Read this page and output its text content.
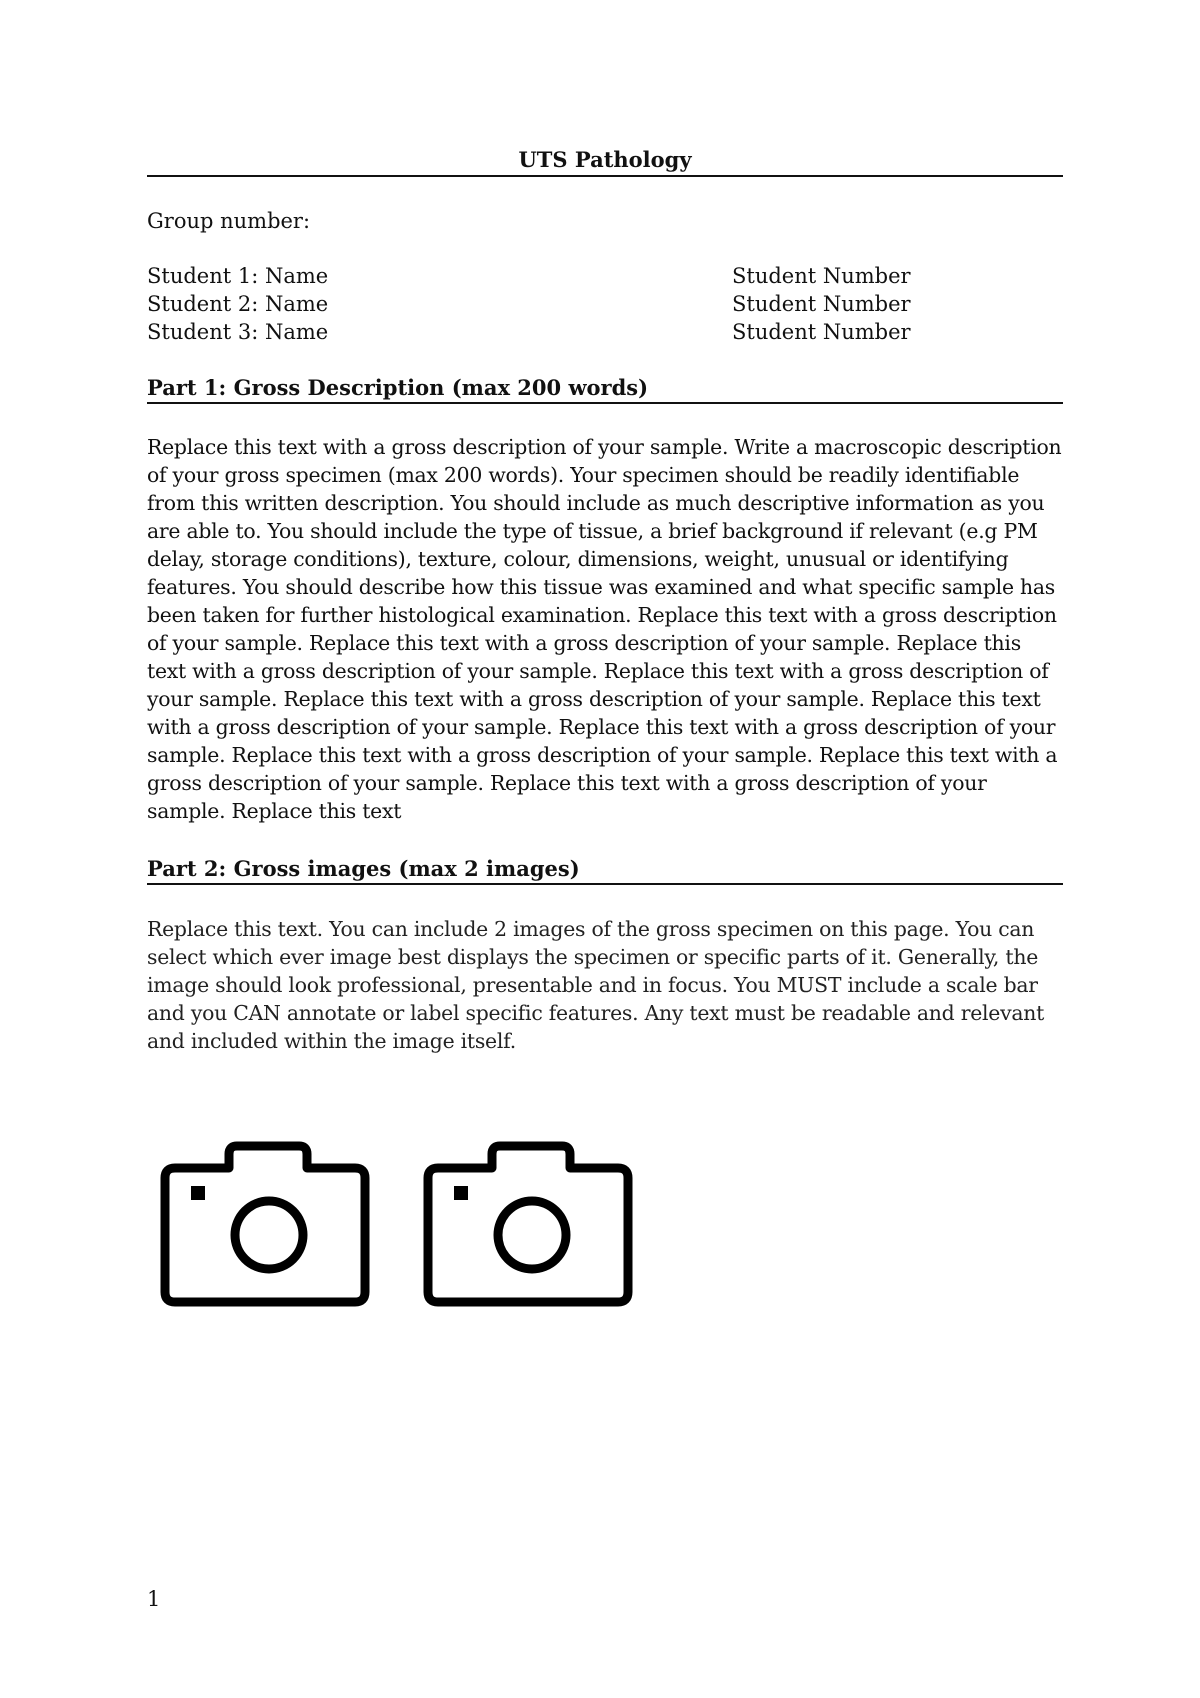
UTS Pathology
Group number:
Student 1: Name	Student Number
Student 2: Name	Student Number
Student 3: Name	Student Number
Part 1: Gross Description (max 200 words)
Replace this text with a gross description of your sample. Write a macroscopic description of your gross specimen (max 200 words). Your specimen should be readily identifiable from this written description. You should include as much descriptive information as you are able to. You should include the type of tissue, a brief background if relevant (e.g PM delay, storage conditions), texture, colour, dimensions, weight, unusual or identifying features. You should describe how this tissue was examined and what specific sample has been taken for further histological examination. Replace this text with a gross description of your sample. Replace this text with a gross description of your sample. Replace this text with a gross description of your sample. Replace this text with a gross description of your sample. Replace this text with a gross description of your sample. Replace this text with a gross description of your sample. Replace this text with a gross description of your sample. Replace this text with a gross description of your sample. Replace this text with a gross description of your sample. Replace this text with a gross description of your sample. Replace this text
Part 2: Gross images (max 2 images)
Replace this text. You can include 2 images of the gross specimen on this page. You can select which ever image best displays the specimen or specific parts of it. Generally, the image should look professional, presentable and in focus. You MUST include a scale bar and you CAN annotate or label specific features. Any text must be readable and relevant and included within the image itself.
1
